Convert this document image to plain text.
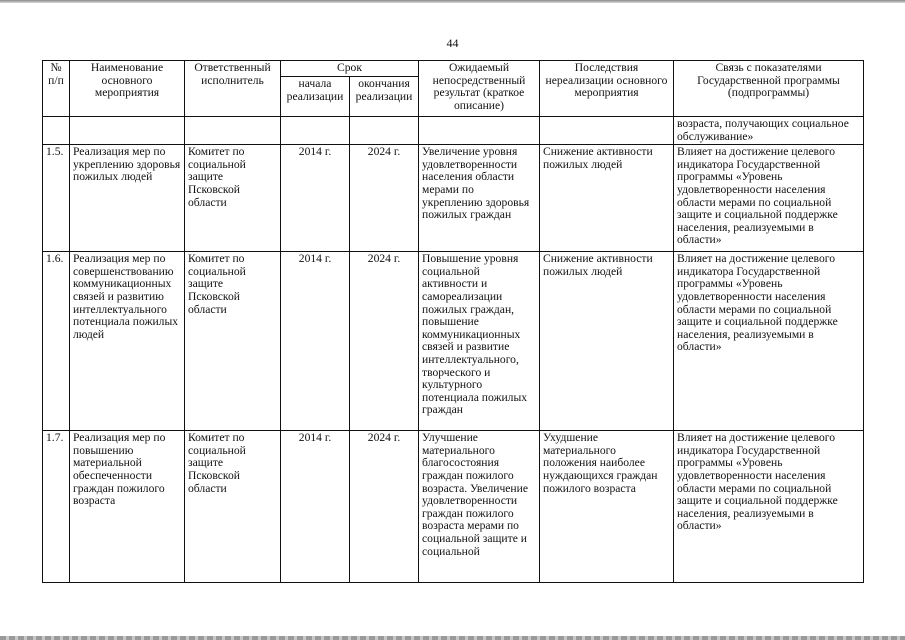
44
№ п/п	Наименование основного мероприятия	Ответственный исполнитель	Срок		Ожидаемый непосредственный результат (краткое описание)	Последствия нереализации основного мероприятия	Связь с показателями Государственной программы (подпрограммы)
			начала реализации	окончания реализации			
							возраста, получающих социальное обслуживание»
1.5.	Реализация мер по укреплению здоровья пожилых людей	Комитет по социальной защите Псковской области	2014 г.	2024 г.	Увеличение уровня удовлетворенности населения области мерами по укреплению здоровья пожилых граждан	Снижение активности пожилых людей	Влияет на достижение целевого индикатора Государственной программы «Уровень удовлетворенности населения области мерами по социальной защите и социальной поддержке населения, реализуемыми в области»
1.6.	Реализация мер по совершенствованию коммуникационных связей и развитию интеллектуального потенциала пожилых людей	Комитет по социальной защите Псковской области	2014 г.	2024 г.	Повышение уровня социальной активности и самореализации пожилых граждан, повышение коммуникационных связей и развитие интеллектуального, творческого и культурного потенциала пожилых граждан	Снижение активности пожилых людей	Влияет на достижение целевого индикатора Государственной программы «Уровень удовлетворенности населения области мерами по социальной защите и социальной поддержке населения, реализуемыми в области»
1.7.	Реализация мер по повышению материальной обеспеченности граждан пожилого возраста	Комитет по социальной защите Псковской области	2014 г.	2024 г.	Улучшение материального благосостояния граждан пожилого возраста. Увеличение удовлетворенности граждан пожилого возраста мерами по социальной защите и социальной	Ухудшение материального положения наиболее нуждающихся граждан пожилого возраста	Влияет на достижение целевого индикатора Государственной программы «Уровень удовлетворенности населения области мерами по социальной защите и социальной поддержке населения, реализуемыми в области»
